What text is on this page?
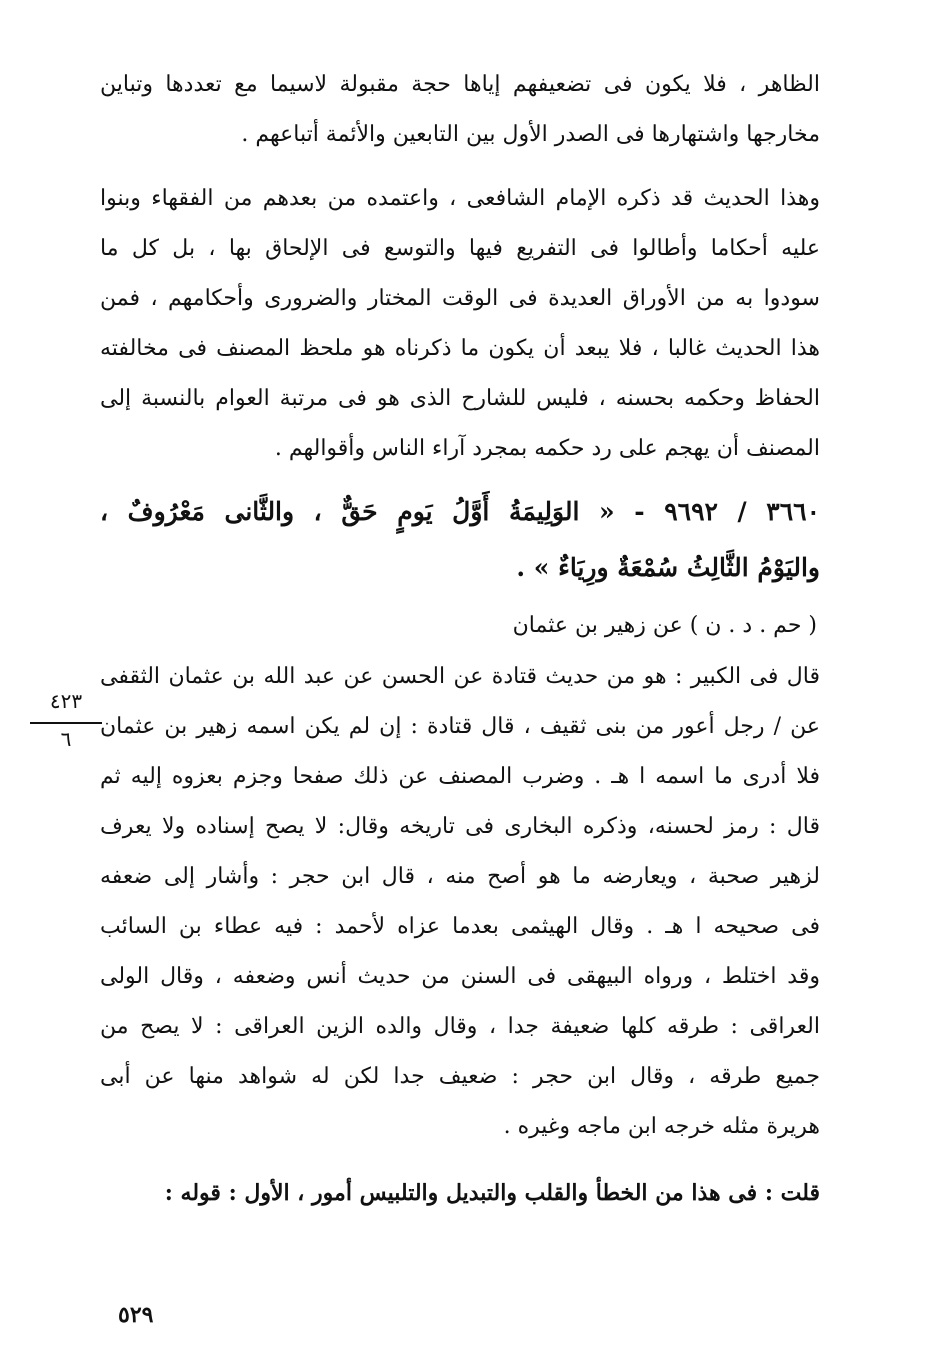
الظاهر ، فلا يكون فى تضعيفهم إياها حجة مقبولة لاسيما مع تعددها وتباين
مخارجها واشتهارها فى الصدر الأول بين التابعين والأئمة أتباعهم .
وهذا الحديث قد ذكره الإمام الشافعى ، واعتمده من بعدهم من الفقهاء وبنوا
عليه أحكاما وأطالوا فى التفريع فيها والتوسع فى الإلحاق بها ، بل كل ما
سودوا به من الأوراق العديدة فى الوقت المختار والضرورى وأحكامهم ، فمن
هذا الحديث غالبا ، فلا يبعد أن يكون ما ذكرناه هو ملحظ المصنف فى مخالفته
الحفاظ وحكمه بحسنه ، فليس للشارح الذى هو فى مرتبة العوام بالنسبة إلى
المصنف أن يهجم على رد حكمه بمجرد آراء الناس وأقوالهم .
٣٦٦٠ / ٩٦٩٢ - « الوَلِيمَةُ أَوَّلُ يَومٍ حَقٌّ ، والثَّانى مَعْرُوفٌ ،
واليَوْمُ الثَّالِثُ سُمْعَةٌ ورِيَاءٌ » .
( حم . د . ن ) عن زهير بن عثمان
٤٢٣
٦
قال فى الكبير : هو من حديث قتادة عن الحسن عن عبد الله بن عثمان الثقفى
عن / رجل أعور من بنى ثقيف ، قال قتادة : إن لم يكن اسمه زهير بن عثمان
فلا أدرى ما اسمه ا هـ . وضرب المصنف عن ذلك صفحا وجزم بعزوه إليه ثم
قال : رمز لحسنه، وذكره البخارى فى تاريخه وقال: لا يصح إسناده ولا يعرف
لزهير صحبة ، ويعارضه ما هو أصح منه ، قال ابن حجر : وأشار إلى ضعفه
فى صحيحه ا هـ . وقال الهيثمى بعدما عزاه لأحمد : فيه عطاء بن السائب
وقد اختلط ، ورواه البيهقى فى السنن من حديث أنس وضعفه ، وقال الولى
العراقى : طرقه كلها ضعيفة جدا ، وقال والده الزين العراقى : لا يصح من
جميع طرقه ، وقال ابن حجر : ضعيف جدا لكن له شواهد منها عن أبى
هريرة مثله خرجه ابن ماجه وغيره .
قلت : فى هذا من الخطأ والقلب والتبديل والتلبيس أمور ، الأول : قوله :
٥٢٩
